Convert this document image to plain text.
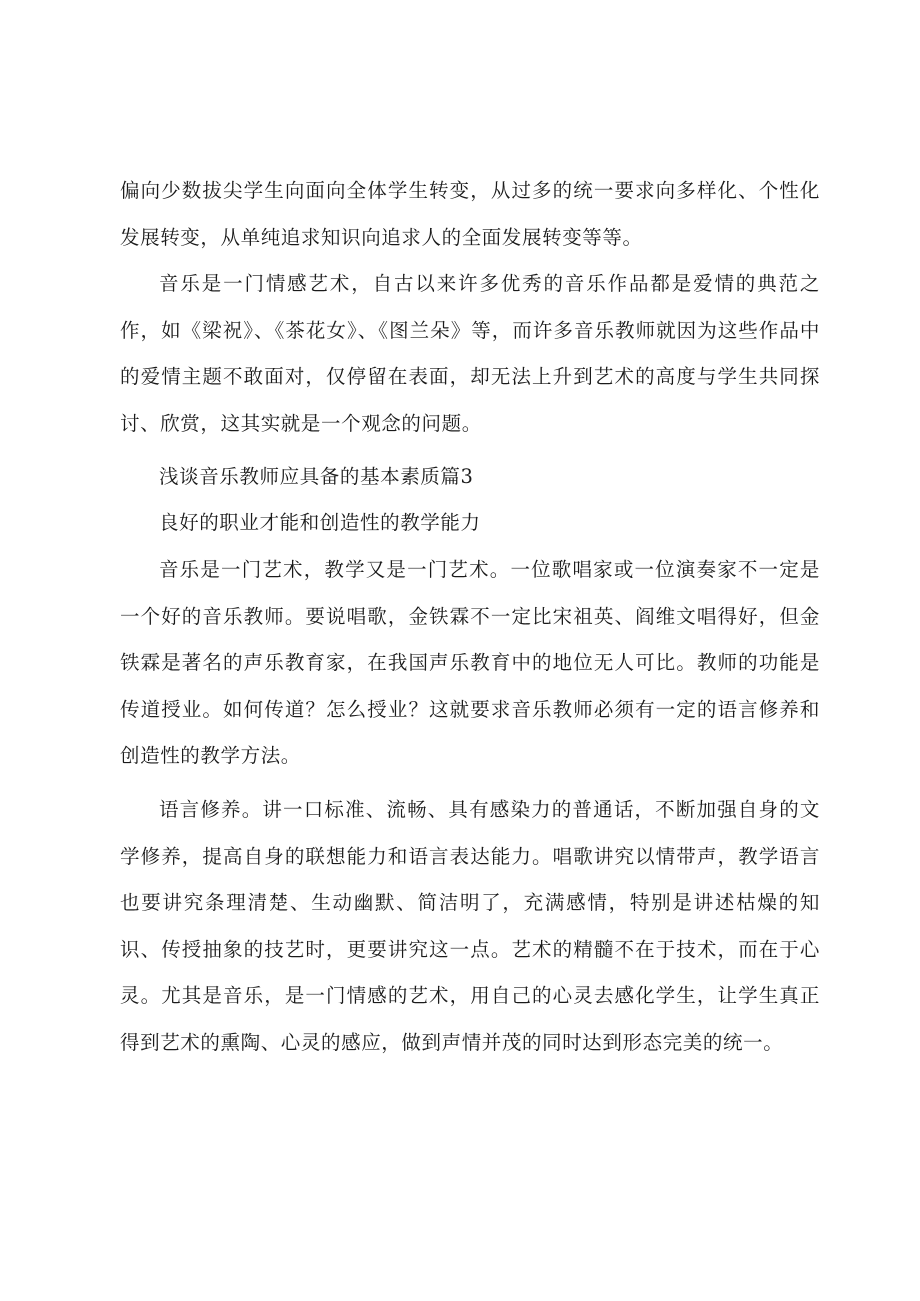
偏向少数拔尖学生向面向全体学生转变，从过多的统一要求向多样化、个性化发展转变，从单纯追求知识向追求人的全面发展转变等等。

音乐是一门情感艺术，自古以来许多优秀的音乐作品都是爱情的典范之作，如《梁祝》、《茶花女》、《图兰朵》等，而许多音乐教师就因为这些作品中的爱情主题不敢面对，仅停留在表面，却无法上升到艺术的高度与学生共同探讨、欣赏，这其实就是一个观念的问题。

浅谈音乐教师应具备的基本素质篇3

良好的职业才能和创造性的教学能力

音乐是一门艺术，教学又是一门艺术。一位歌唱家或一位演奏家不一定是一个好的音乐教师。要说唱歌，金铁霖不一定比宋祖英、阎维文唱得好，但金铁霖是著名的声乐教育家，在我国声乐教育中的地位无人可比。教师的功能是传道授业。如何传道？怎么授业？这就要求音乐教师必须有一定的语言修养和创造性的教学方法。

语言修养。讲一口标准、流畅、具有感染力的普通话，不断加强自身的文学修养，提高自身的联想能力和语言表达能力。唱歌讲究以情带声，教学语言也要讲究条理清楚、生动幽默、简洁明了，充满感情，特别是讲述枯燥的知识、传授抽象的技艺时，更要讲究这一点。艺术的精髓不在于技术，而在于心灵。尤其是音乐，是一门情感的艺术，用自己的心灵去感化学生，让学生真正得到艺术的熏陶、心灵的感应，做到声情并茂的同时达到形态完美的统一。
